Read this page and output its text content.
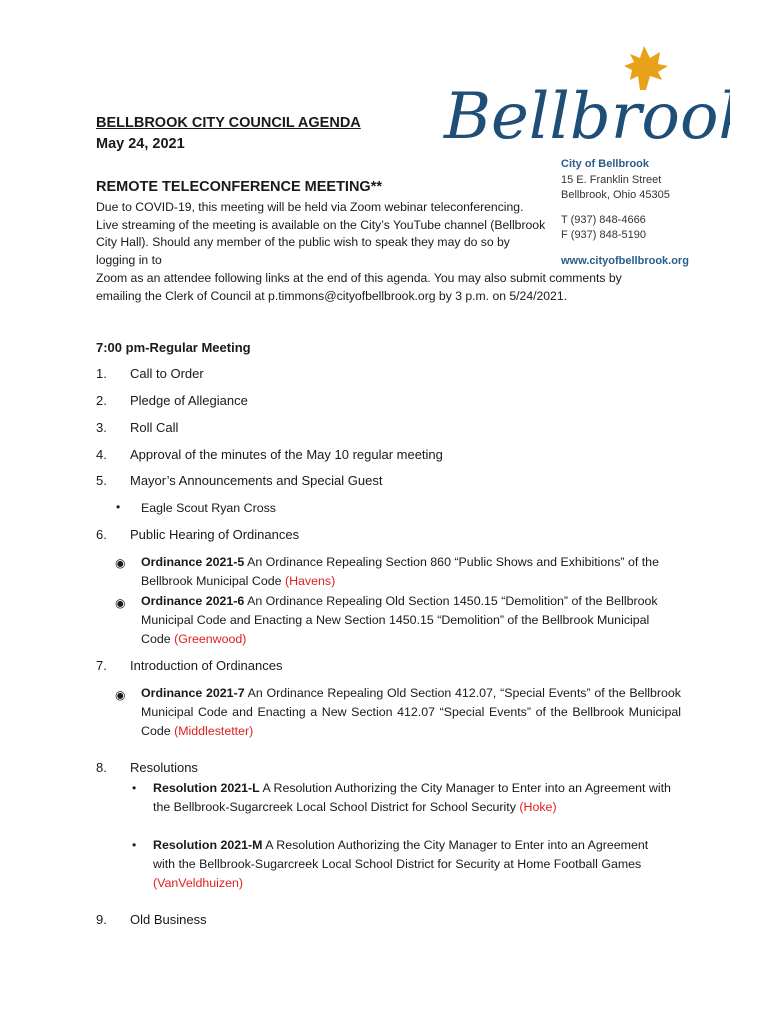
BELLBROOK CITY COUNCIL AGENDA
May 24, 2021
REMOTE TELECONFERENCE MEETING**
Due to COVID-19, this meeting will be held via Zoom webinar teleconferencing. Live streaming of the meeting is available on the City’s YouTube channel (Bellbrook City Hall). Should any member of the public wish to speak they may do so by logging in to
Zoom as an attendee following links at the end of this agenda. You may also submit comments by emailing the Clerk of Council at p.timmons@cityofbellbrook.org by 3 p.m. on 5/24/2021.
Bellbrook
City of Bellbrook
15 E. Franklin Street
Bellbrook, Ohio 45305
T (937) 848-4666
F (937) 848-5190
www.cityofbellbrook.org
7:00 pm-Regular Meeting
1. Call to Order
2. Pledge of Allegiance
3. Roll Call
4. Approval of the minutes of the May 10 regular meeting
5. Mayor’s Announcements and Special Guest
• Eagle Scout Ryan Cross
6. Public Hearing of Ordinances
◉ Ordinance 2021-5 An Ordinance Repealing Section 860 “Public Shows and Exhibitions” of the Bellbrook Municipal Code (Havens)
◉ Ordinance 2021-6 An Ordinance Repealing Old Section 1450.15 “Demolition” of the Bellbrook Municipal Code and Enacting a New Section 1450.15 “Demolition” of the Bellbrook Municipal Code (Greenwood)
7. Introduction of Ordinances
◉ Ordinance 2021-7 An Ordinance Repealing Old Section 412.07, “Special Events” of the Bellbrook Municipal Code and Enacting a New Section 412.07 “Special Events” of the Bellbrook Municipal Code (Middlestetter)
8. Resolutions
• Resolution 2021-L A Resolution Authorizing the City Manager to Enter into an Agreement with the Bellbrook-Sugarcreek Local School District for School Security (Hoke)
• Resolution 2021-M A Resolution Authorizing the City Manager to Enter into an Agreement with the Bellbrook-Sugarcreek Local School District for Security at Home Football Games (VanVeldhuizen)
9. Old Business
